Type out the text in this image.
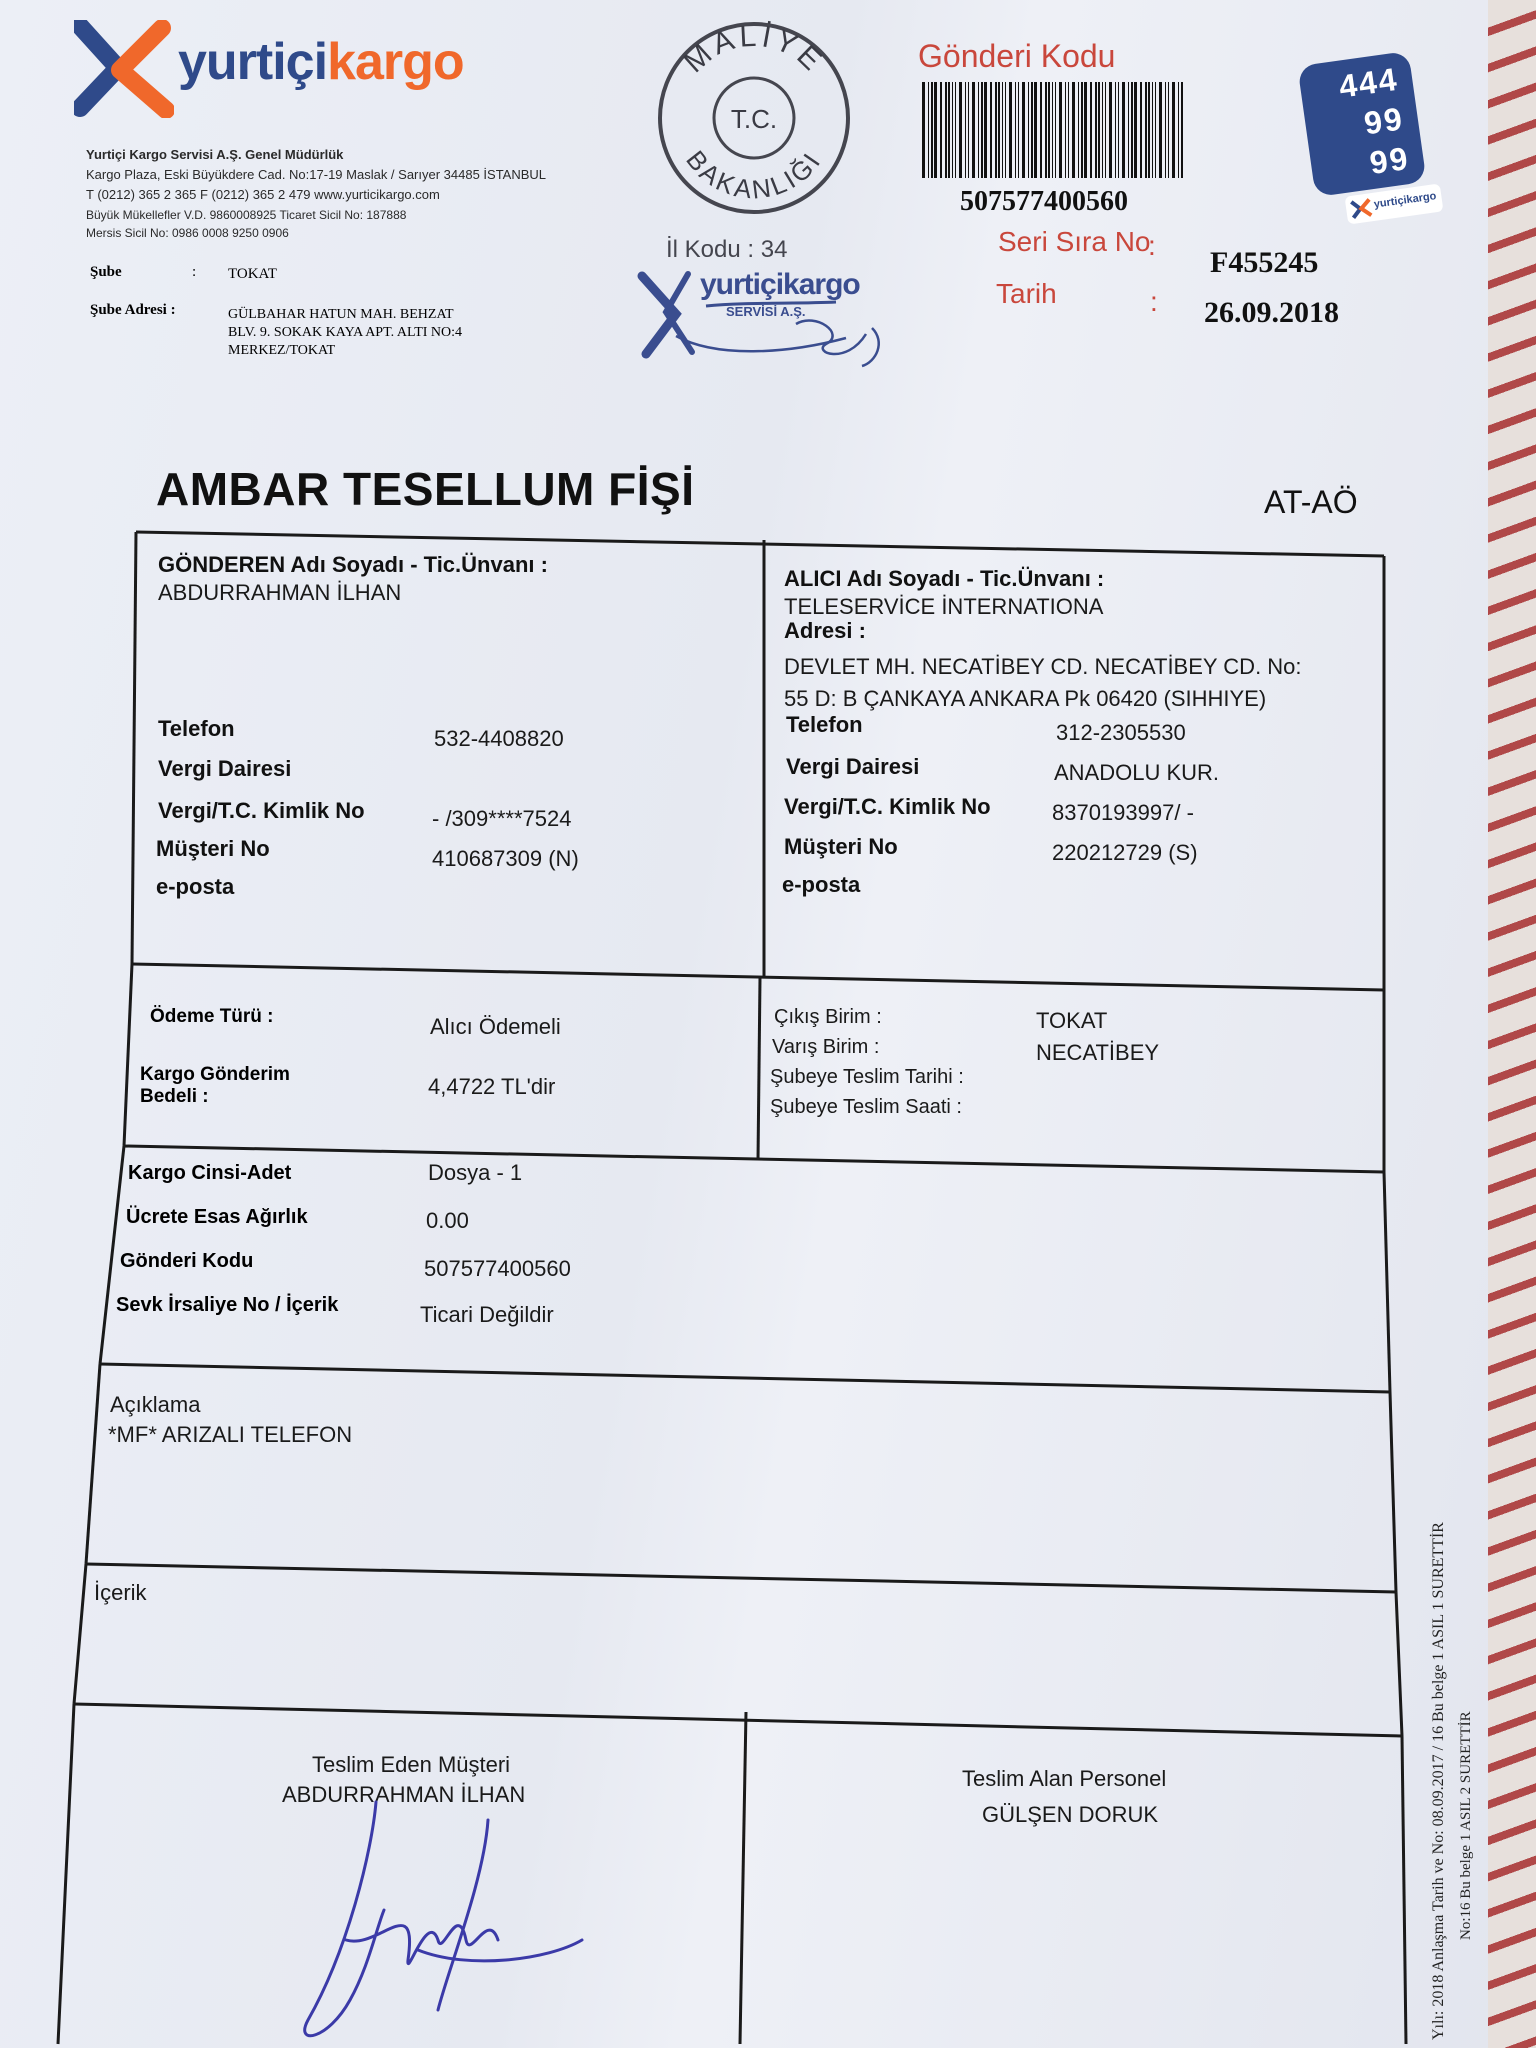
yurtiçikargo
Yurtiçi Kargo Servisi A.Ş. Genel Müdürlük
Kargo Plaza, Eski Büyükdere Cad. No:17-19 Maslak / Sarıyer 34485 İSTANBUL
T (0212) 365 2 365 F (0212) 365 2 479 www.yurticikargo.com
Büyük Mükellefler V.D. 9860008925 Ticaret Sicil No: 187888
Mersis Sicil No: 0986 0008 9250 0906
Şube	: TOKAT
Şube Adresi :	GÜLBAHAR HATUN MAH. BEHZAT
BLV. 9. SOKAK KAYA APT. ALTI NO:4
MERKEZ/TOKAT
MALİYE
BAKANLIĞI
T.C.
İl Kodu : 34
yurtiçikargo
SERVİSİ A.Ş.
Gönderi Kodu
507577400560
Seri Sıra No
:
F455245
Tarih	: 26.09.2018
444
99
99
yurtiçikargo
AMBAR TESELLUM FİŞİ	AT-AÖ
GÖNDEREN Adı Soyadı - Tic.Ünvanı :
ABDURRAHMAN İLHAN
Telefon	532-4408820
Vergi Dairesi
Vergi/T.C. Kimlik No	- /309****7524
Müşteri No	410687309 (N)
e-posta
ALICI Adı Soyadı - Tic.Ünvanı :
TELESERVİCE İNTERNATIONA
Adresi :
DEVLET MH. NECATİBEY CD. NECATİBEY CD. No:
55 D: B ÇANKAYA ANKARA Pk 06420 (SIHHIYE)
Telefon	312-2305530
Vergi Dairesi	ANADOLU KUR.
Vergi/T.C. Kimlik No	8370193997/ -
Müşteri No	220212729 (S)
e-posta
Ödeme Türü :	Alıcı Ödemeli
Kargo Gönderim
Bedeli :	4,4722 TL'dir
Çıkış Birim :	TOKAT
Varış Birim :	NECATİBEY
Şubeye Teslim Tarihi :
Şubeye Teslim Saati :
Kargo Cinsi-Adet	Dosya - 1
Ücrete Esas Ağırlık	0.00
Gönderi Kodu	507577400560
Sevk İrsaliye No / İçerik	Ticari Değildir
Açıklama
*MF* ARIZALI TELEFON
İçerik
Teslim Eden Müşteri
ABDURRAHMAN İLHAN
Teslim Alan Personel
GÜLŞEN DORUK	Yılı: 2018 Anlaşma Tarih ve No: 08.09.2017 / 16 Bu belge 1 ASIL 1 SURETTİR No:16 Bu belge 1 ASIL 2 SURETTİR
